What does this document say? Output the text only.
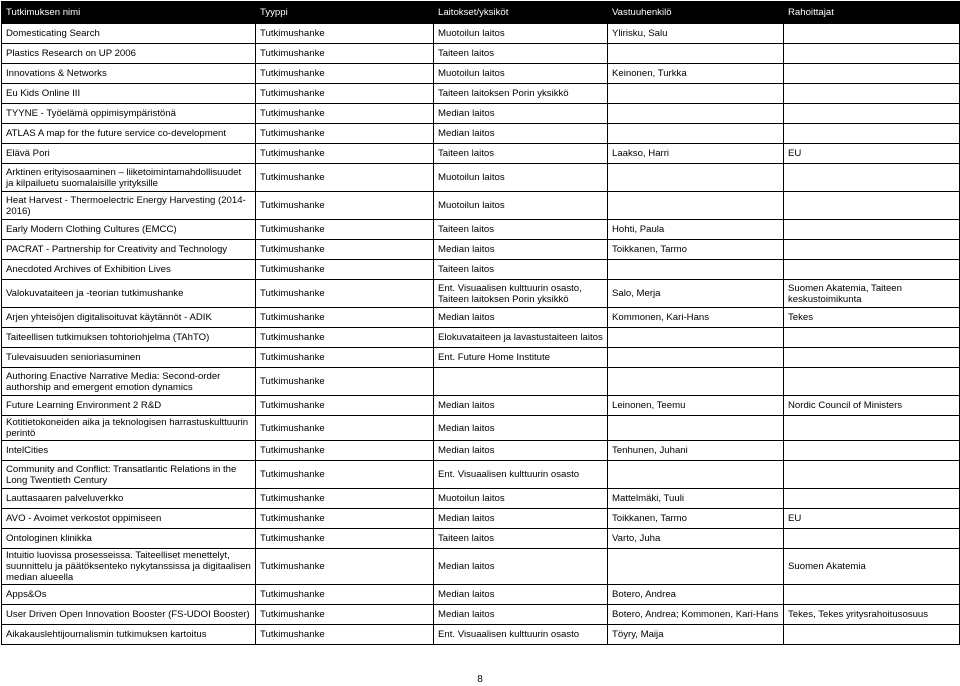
Tutkimuksen nimi	Tyyppi	Laitokset/yksiköt	Vastuuhenkilö	Rahoittajat
Domesticating Search	Tutkimushanke	Muotoilun laitos	Ylirisku, Salu	
Plastics Research on UP 2006	Tutkimushanke	Taiteen laitos		
Innovations & Networks	Tutkimushanke	Muotoilun laitos	Keinonen, Turkka	
Eu Kids Online III	Tutkimushanke	Taiteen laitoksen Porin yksikkö		
TYYNE - Työelämä oppimisympäristönä	Tutkimushanke	Median laitos		
ATLAS A map for the future service co-development	Tutkimushanke	Median laitos		
Elävä Pori	Tutkimushanke	Taiteen laitos	Laakso, Harri	EU
Arktinen erityisosaaminen – liiketoimintamahdollisuudet ja kilpailuetu suomalaisille yrityksille	Tutkimushanke	Muotoilun laitos		
Heat Harvest - Thermoelectric Energy Harvesting (2014-2016)	Tutkimushanke	Muotoilun laitos		
Early Modern Clothing Cultures (EMCC)	Tutkimushanke	Taiteen laitos	Hohti, Paula	
PACRAT - Partnership for Creativity and Technology	Tutkimushanke	Median laitos	Toikkanen, Tarmo	
Anecdoted Archives of Exhibition Lives	Tutkimushanke	Taiteen laitos		
Valokuvataiteen ja -teorian tutkimushanke	Tutkimushanke	Ent. Visuaalisen kulttuurin osasto, Taiteen laitoksen Porin yksikkö	Salo, Merja	Suomen Akatemia, Taiteen keskustoimikunta
Arjen yhteisöjen digitalisoituvat käytännöt - ADIK	Tutkimushanke	Median laitos	Kommonen, Kari-Hans	Tekes
Taiteellisen tutkimuksen tohtoriohjelma (TAhTO)	Tutkimushanke	Elokuvataiteen ja lavastustaiteen laitos		
Tulevaisuuden senioriasuminen	Tutkimushanke	Ent. Future Home Institute		
Authoring Enactive Narrative Media: Second-order authorship and emergent emotion dynamics	Tutkimushanke			
Future Learning Environment 2 R&D	Tutkimushanke	Median laitos	Leinonen, Teemu	Nordic Council of Ministers
Kotitietokoneiden aika ja teknologisen harrastuskulttuurin perintö	Tutkimushanke	Median laitos		
IntelCities	Tutkimushanke	Median laitos	Tenhunen, Juhani	
Community and Conflict: Transatlantic Relations in the Long Twentieth Century	Tutkimushanke	Ent. Visuaalisen kulttuurin osasto		
Lauttasaaren palveluverkko	Tutkimushanke	Muotoilun laitos	Mattelmäki, Tuuli	
AVO - Avoimet verkostot oppimiseen	Tutkimushanke	Median laitos	Toikkanen, Tarmo	EU
Ontologinen klinikka	Tutkimushanke	Taiteen laitos	Varto, Juha	
Intuitio luovissa prosesseissa. Taiteelliset menettelyt, suunnittelu ja päätöksenteko nykytanssissa ja digitaalisen median alueella	Tutkimushanke	Median laitos		Suomen Akatemia
Apps&Os	Tutkimushanke	Median laitos	Botero, Andrea	
User Driven Open Innovation Booster (FS-UDOI Booster)	Tutkimushanke	Median laitos	Botero, Andrea; Kommonen, Kari-Hans	Tekes, Tekes yritysrahoitusosuus
Aikakauslehtijournalismin tutkimuksen kartoitus	Tutkimushanke	Ent. Visuaalisen kulttuurin osasto	Töyry, Maija	
8
